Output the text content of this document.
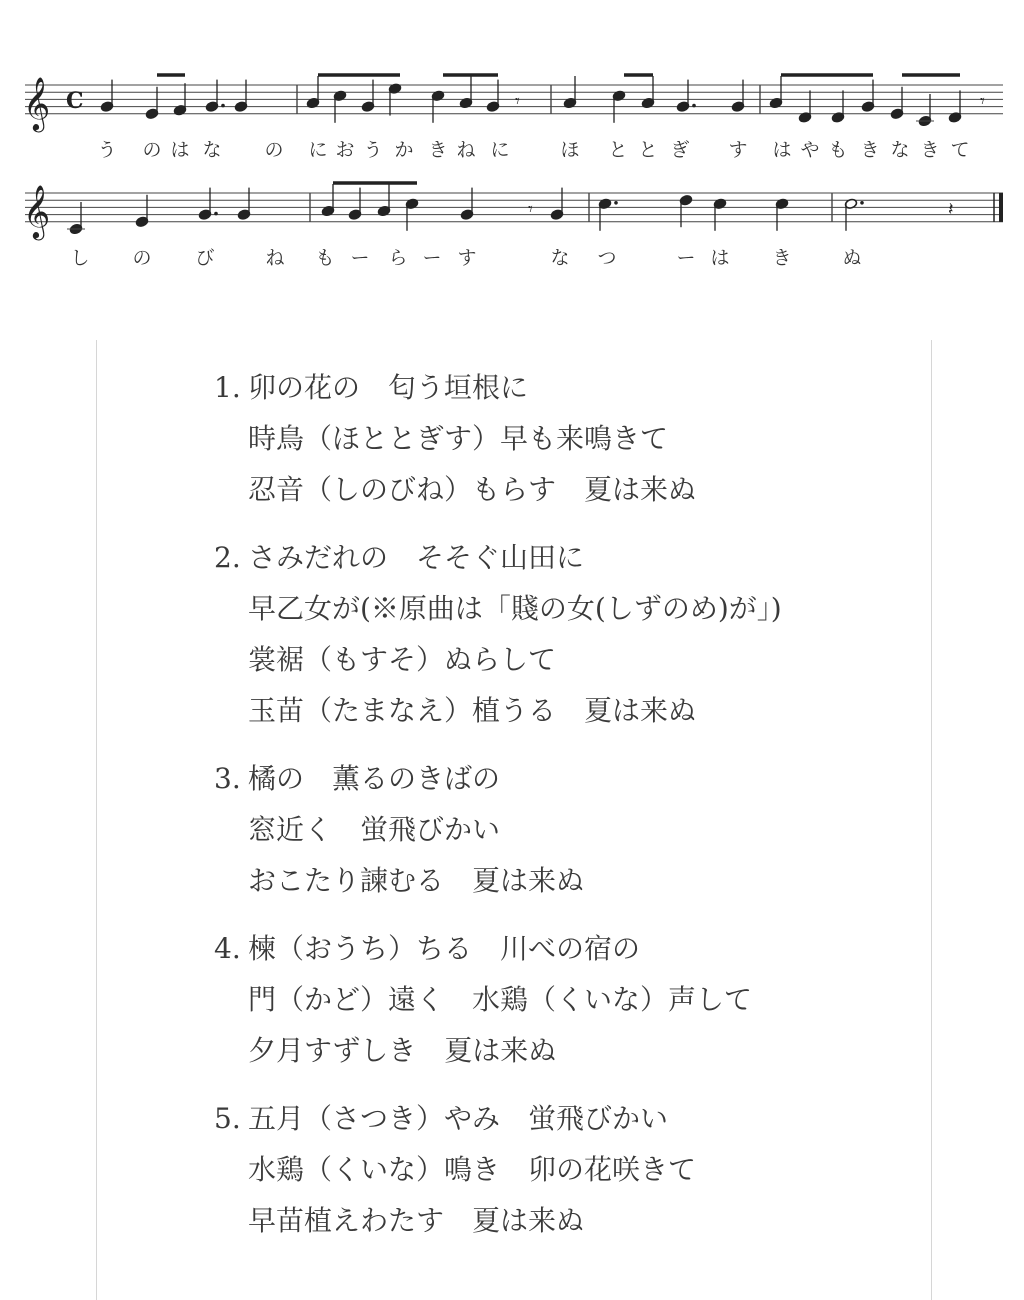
𝄞 C
𝄞
𝄾	𝄾
𝄾	𝄽
う の は な の に お う か き ね に	ほ と と ぎ す は や も き な き て
し の び	ね も ー ら ー す	な つ	ー は き	ぬ
1. 卯の花の　匂う垣根に
時鳥（ほととぎす）早も来鳴きて
忍音（しのびね）もらす　夏は来ぬ
2. さみだれの　そそぐ山田に
早乙女が(※原曲は「賤の女(しずのめ)が」)
裳裾（もすそ）ぬらして
玉苗（たまなえ）植うる　夏は来ぬ
3. 橘の　薫るのきばの
窓近く　蛍飛びかい
おこたり諫むる　夏は来ぬ
4. 楝（おうち）ちる　川べの宿の
門（かど）遠く　水鶏（くいな）声して
夕月すずしき　夏は来ぬ
5. 五月（さつき）やみ　蛍飛びかい
水鶏（くいな）鳴き　卯の花咲きて
早苗植えわたす　夏は来ぬ
